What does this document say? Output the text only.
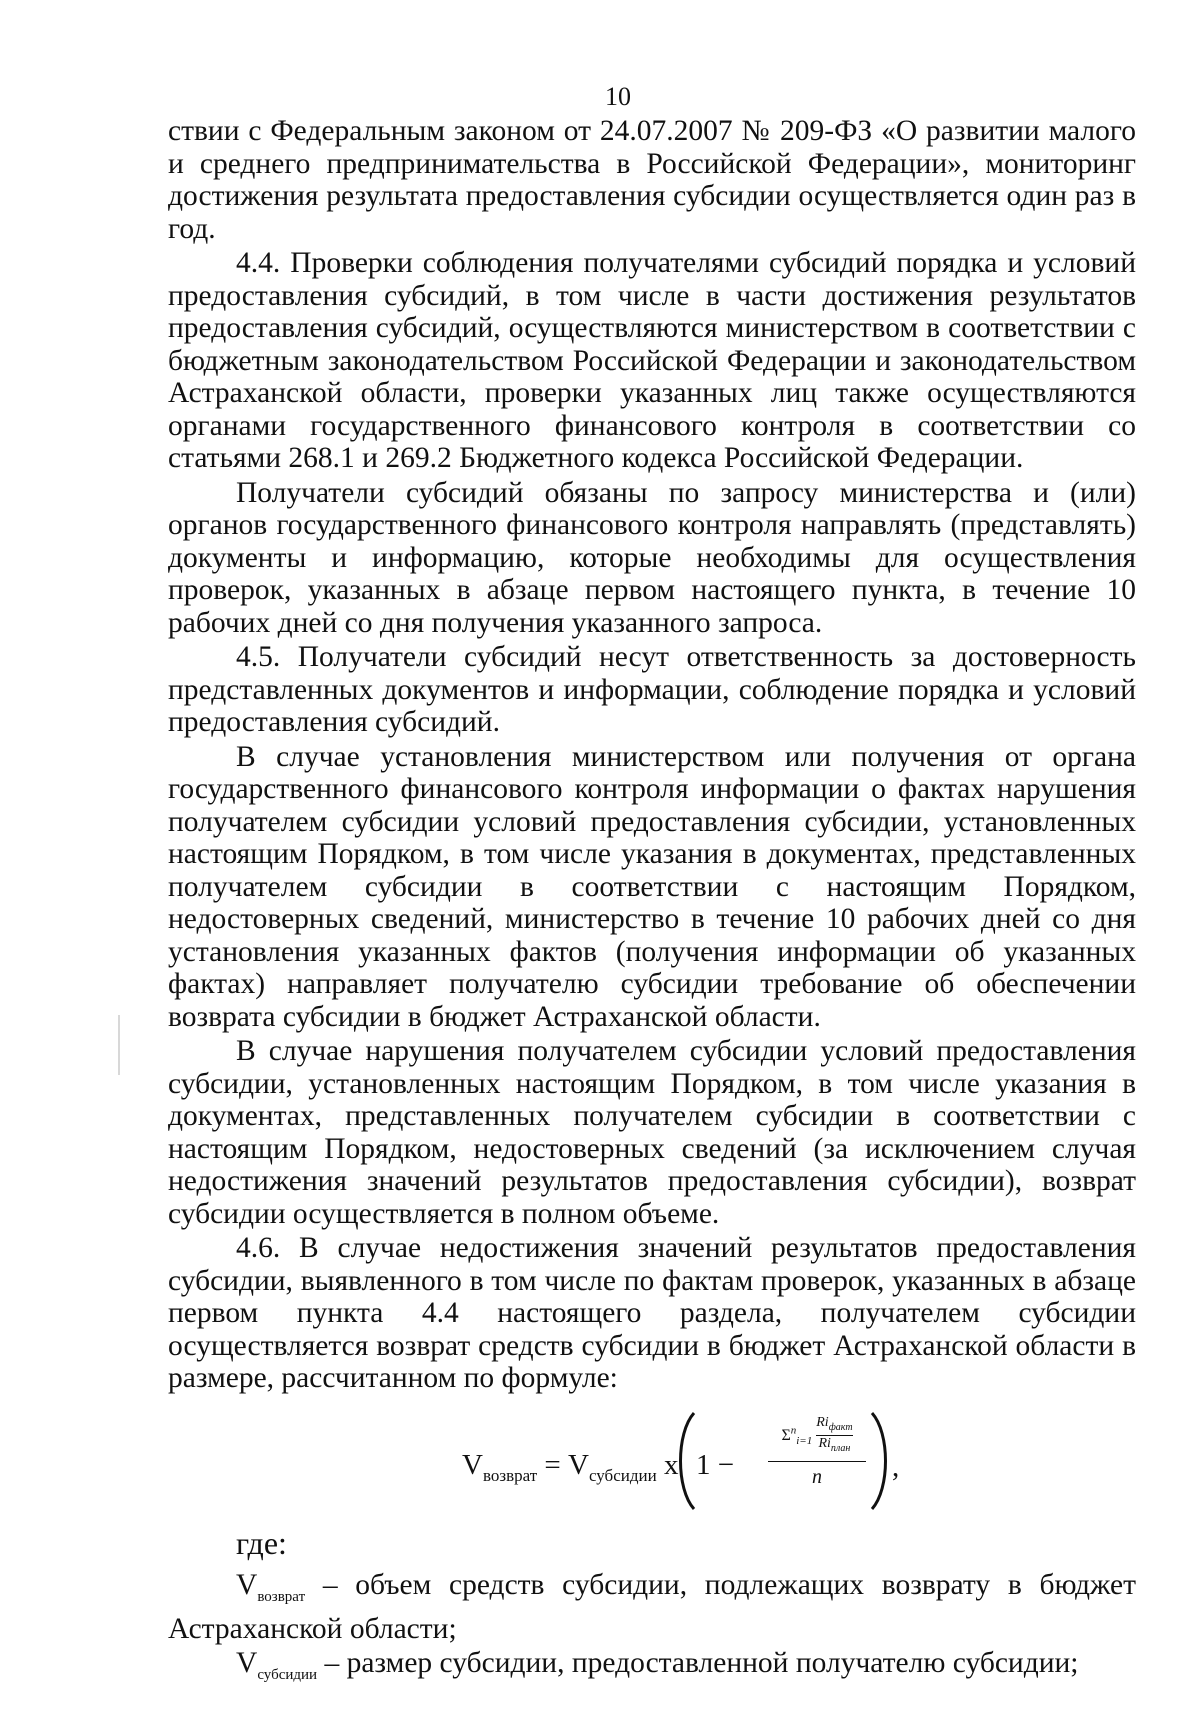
10

ствии с Федеральным законом от 24.07.2007 № 209-ФЗ «О развитии малого и среднего предпринимательства в Российской Федерации», мониторинг достижения результата предоставления субсидии осуществляется один раз в год.

4.4. Проверки соблюдения получателями субсидий порядка и условий предоставления субсидий, в том числе в части достижения результатов предоставления субсидий, осуществляются министерством в соответствии с бюджетным законодательством Российской Федерации и законодательством Астраханской области, проверки указанных лиц также осуществляются органами государственного финансового контроля в соответствии со статьями 268.1 и 269.2 Бюджетного кодекса Российской Федерации.

Получатели субсидий обязаны по запросу министерства и (или) органов государственного финансового контроля направлять (представлять) документы и информацию, которые необходимы для осуществления проверок, указанных в абзаце первом настоящего пункта, в течение 10 рабочих дней со дня получения указанного запроса.

4.5. Получатели субсидий несут ответственность за достоверность представленных документов и информации, соблюдение порядка и условий предоставления субсидий.

В случае установления министерством или получения от органа государственного финансового контроля информации о фактах нарушения получателем субсидии условий предоставления субсидии, установленных настоящим Порядком, в том числе указания в документах, представленных получателем субсидии в соответствии с настоящим Порядком, недостоверных сведений, министерство в течение 10 рабочих дней со дня установления указанных фактов (получения информации об указанных фактах) направляет получателю субсидии требование об обеспечении возврата субсидии в бюджет Астраханской области.

В случае нарушения получателем субсидии условий предоставления субсидии, установленных настоящим Порядком, в том числе указания в документах, представленных получателем субсидии в соответствии с настоящим Порядком, недостоверных сведений (за исключением случая недостижения значений результатов предоставления субсидии), возврат субсидии осуществляется в полном объеме.

4.6. В случае недостижения значений результатов предоставления субсидии, выявленного в том числе по фактам проверок, указанных в абзаце первом пункта 4.4 настоящего раздела, получателем субсидии осуществляется возврат средств субсидии в бюджет Астраханской области в размере, рассчитанном по формуле:

$V_{возврат} = V_{субсидии}$ х 1 −
$\Sigma^n_{i=1}$
$Ri_{факт}$
$Ri_{план}$
n	,
где:

$V_{возврат}$ – объем средств субсидии, подлежащих возврату в бюджет Астраханской области;

$V_{субсидии}$ – размер субсидии, предоставленной получателю субсидии;
